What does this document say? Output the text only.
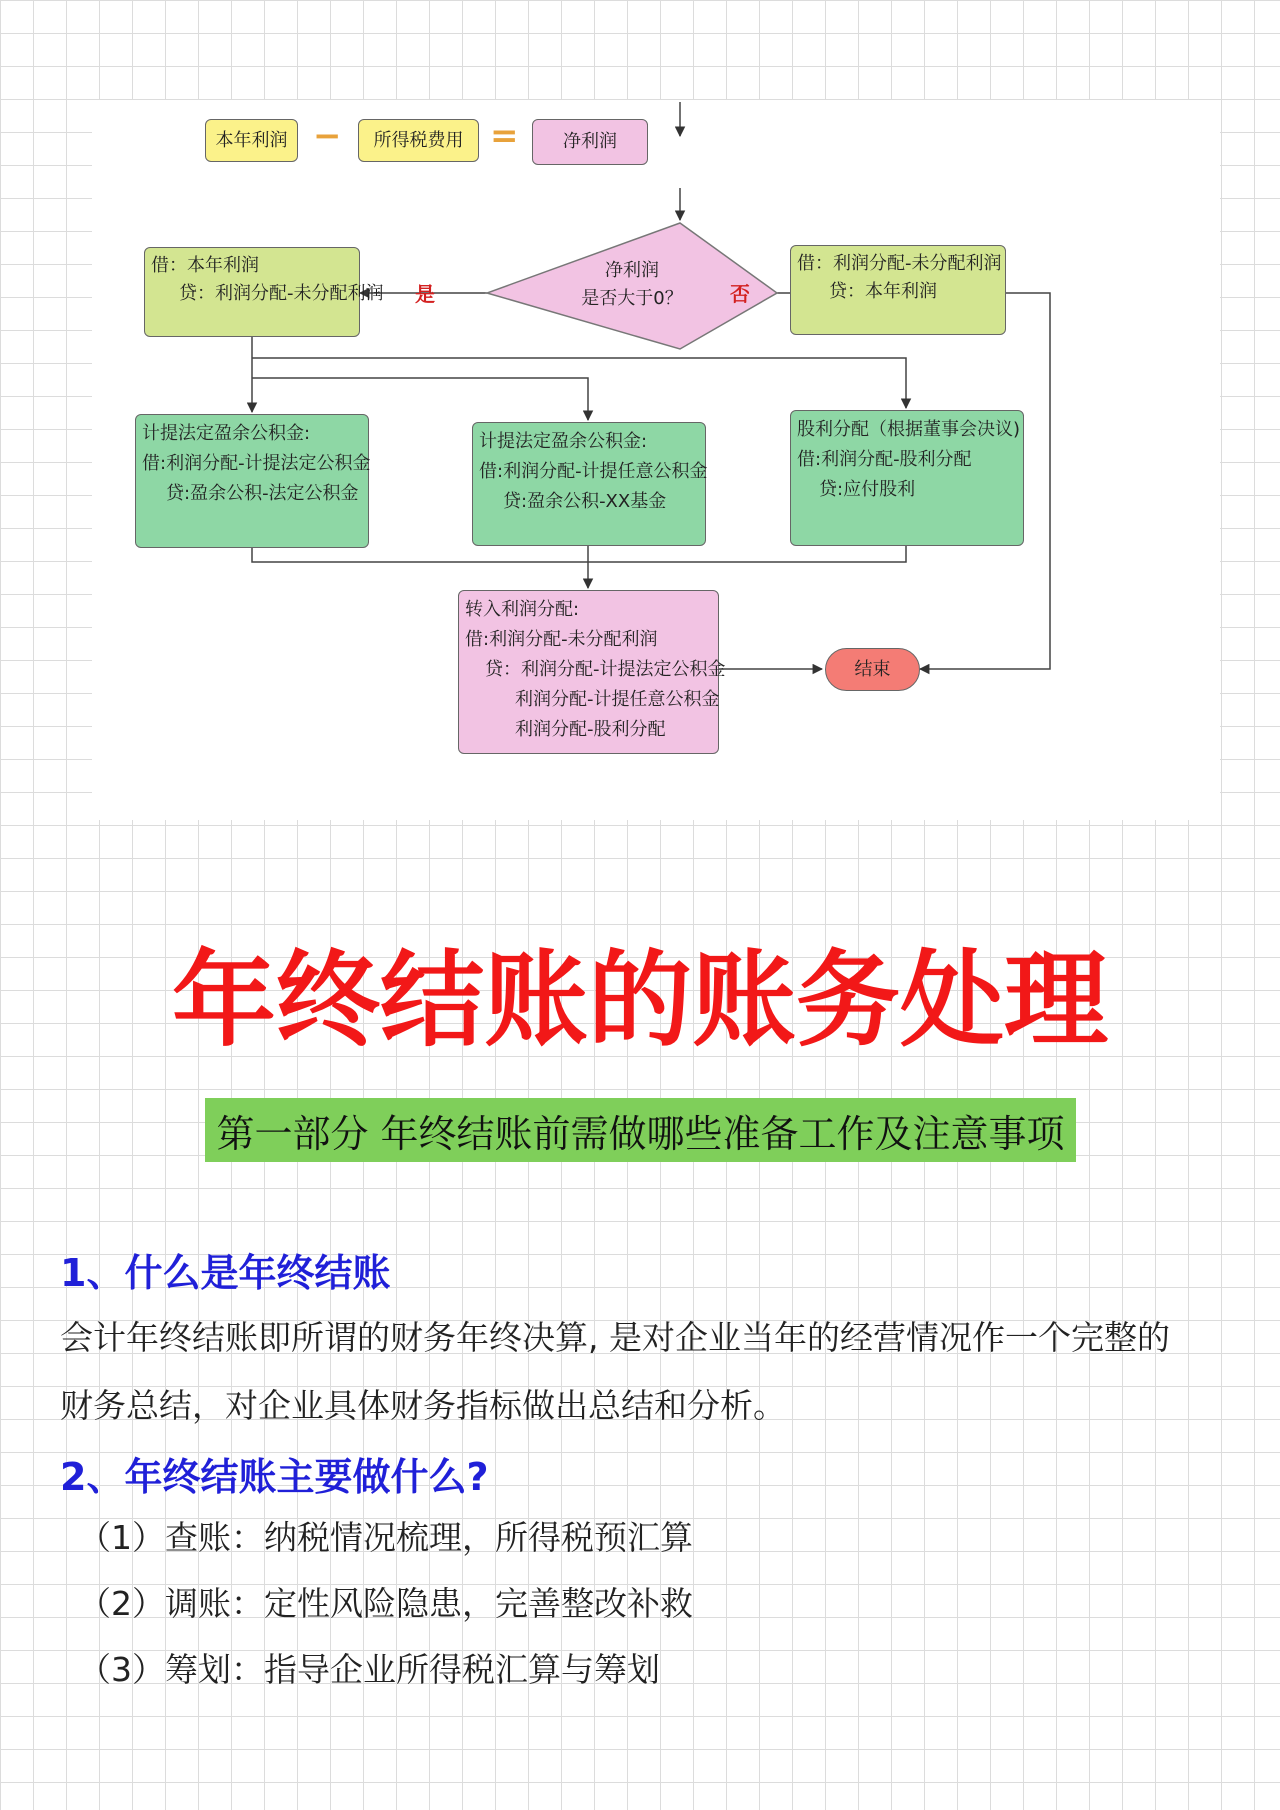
本年利润 −	所得税费用 =	净利润
净利润
是否大于0？
是	否
借：本年利润
贷：利润分配-未分配利润
借：利润分配-未分配利润
贷：本年利润
计提法定盈余公积金:
借:利润分配-计提法定公积金
贷:盈余公积-法定公积金
计提法定盈余公积金:
借:利润分配-计提任意公积金
贷:盈余公积-XX基金
股利分配（根据董事会决议)
借:利润分配-股利分配
贷:应付股利
转入利润分配:
借:利润分配-未分配利润
贷：利润分配-计提法定公积金
利润分配-计提任意公积金
利润分配-股利分配
结束
年终结账的账务处理
第一部分 年终结账前需做哪些准备工作及注意事项
1、什么是年终结账
会计年终结账即所谓的财务年终决算, 是对企业当年的经营情况作一个完整的
财务总结，对企业具体财务指标做出总结和分析。
2、年终结账主要做什么?
（1）查账：纳税情况梳理，所得税预汇算
（2）调账：定性风险隐患，完善整改补救
（3）筹划：指导企业所得税汇算与筹划
